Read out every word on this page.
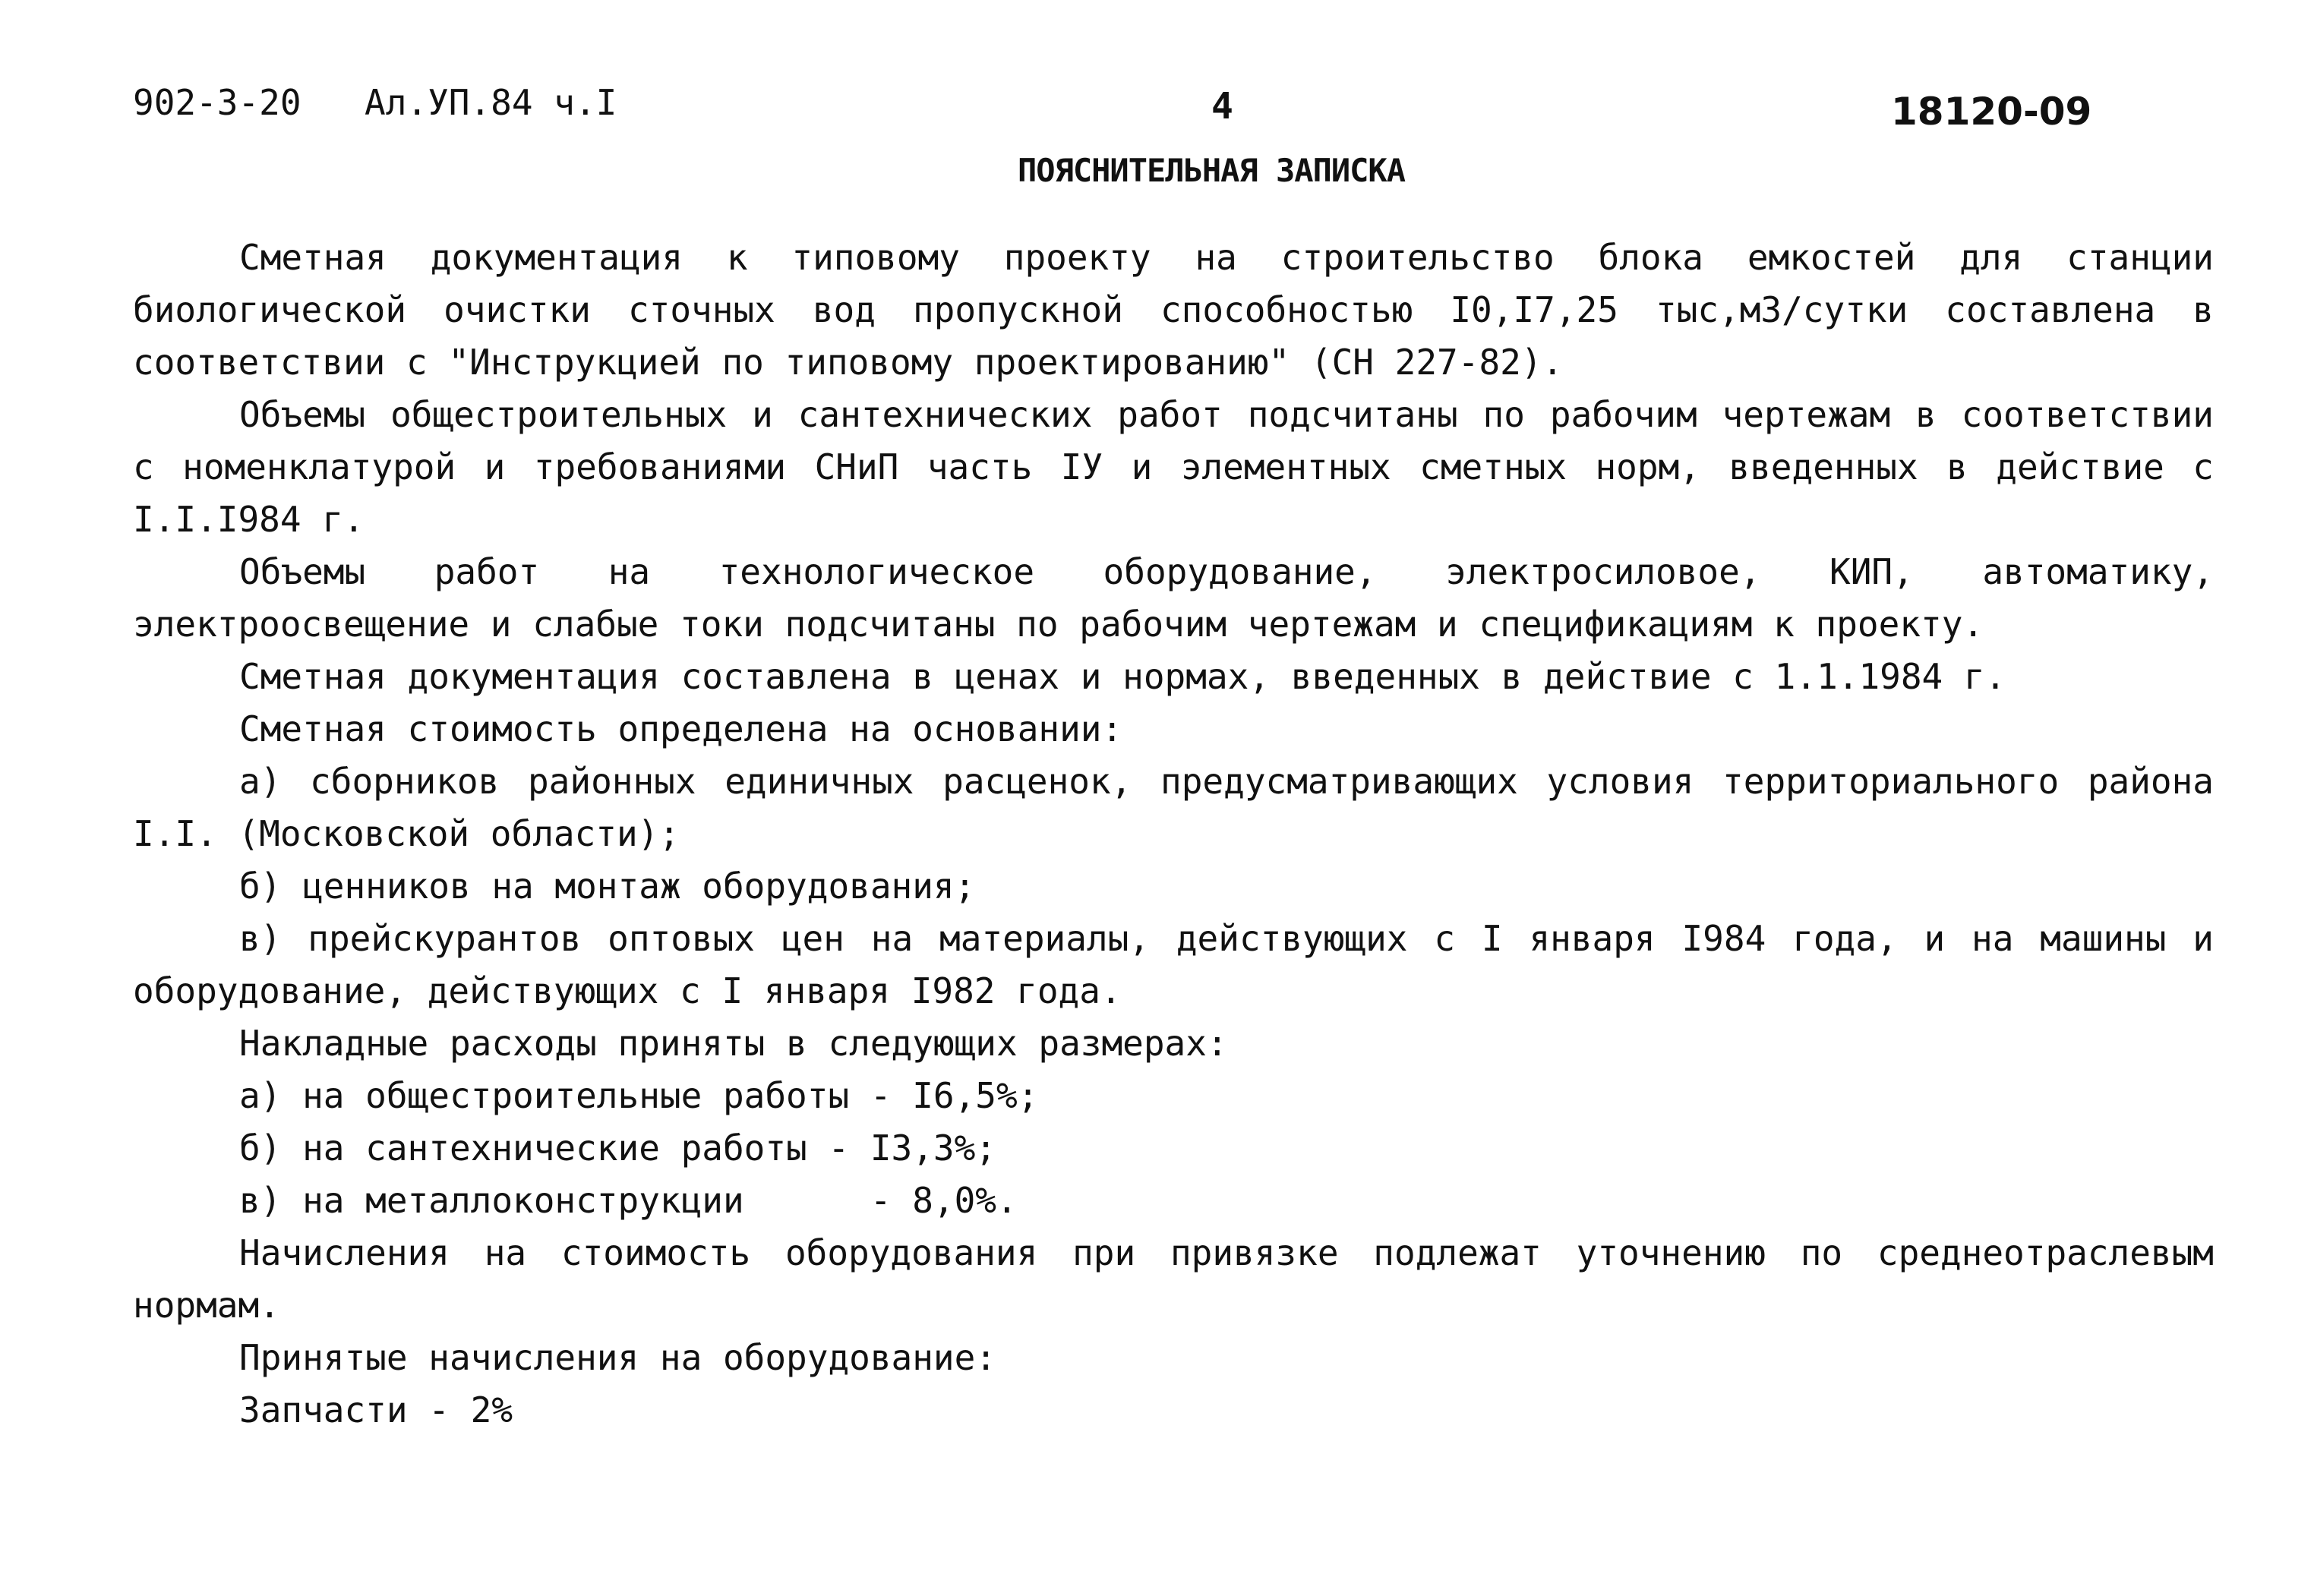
902-3-20 Ал.УП.84 ч.I	4	18120-09
ПОЯСНИТЕЛЬНАЯ ЗАПИСКА

Сметная документация к типовому проекту на строительство блока емкостей для станции биологической очистки сточных вод пропускной способностью I0,I7,25 тыс,м3/сутки составлена в соответствии с "Инструкцией по типовому проектированию" (СН 227-82).

Объемы общестроительных и сантехнических работ подсчитаны по рабочим чертежам в соответствии с номенклатурой и требованиями СНиП часть IУ и элементных сметных норм, введенных в действие с I.I.I984 г.

Объемы работ на технологическое оборудование, электросиловое, КИП, автоматику, электроосвещение и слабые токи подсчитаны по рабочим чертежам и спецификациям к проекту.

Сметная документация составлена в ценах и нормах, введенных в действие с 1.1.1984 г.

Сметная стоимость определена на основании:

а) сборников районных единичных расценок, предусматривающих условия территориального района I.I. (Московской области);

б) ценников на монтаж оборудования;

в) прейскурантов оптовых цен на материалы, действующих с I января I984 года, и на машины и оборудование, действующих с I января I982 года.

Накладные расходы приняты в следующих размерах:

а) на общестроительные работы - I6,5%;

б) на сантехнические работы - I3,3%;

в) на металлоконструкции      - 8,0%.

Начисления на стоимость оборудования при привязке подлежат уточнению по среднеотраслевым нормам.

Принятые начисления на оборудование:

Запчасти - 2%
